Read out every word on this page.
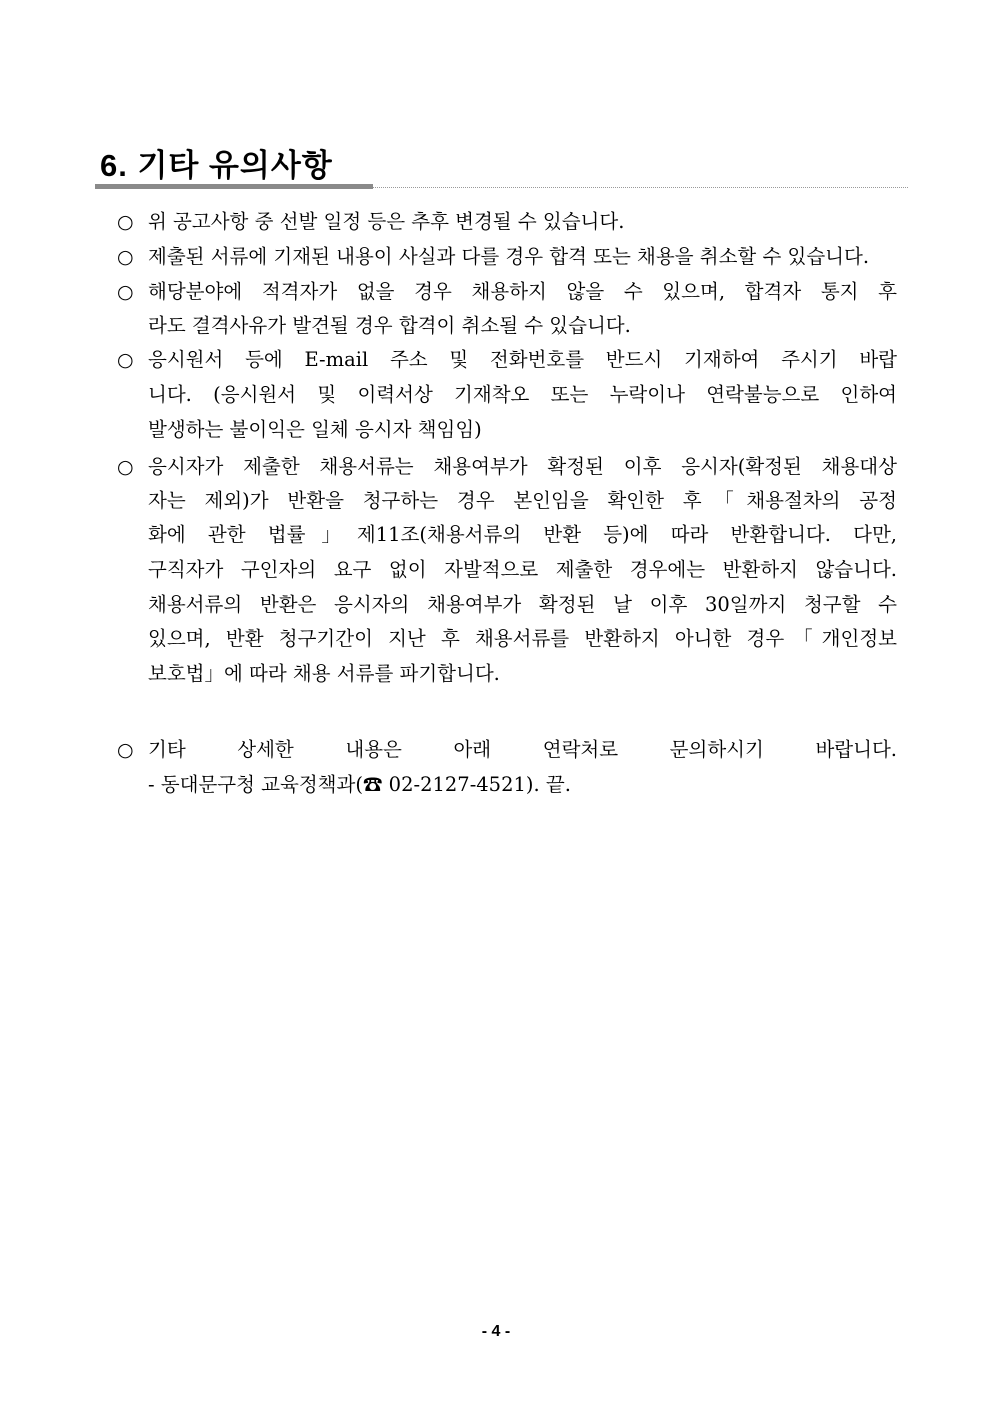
6. 기타 유의사항
○ 위 공고사항 중 선발 일정 등은 추후 변경될 수 있습니다.
○ 제출된 서류에 기재된 내용이 사실과 다를 경우 합격 또는 채용을 취소할 수 있습니다.
○ 해당분야에 적격자가 없을 경우 채용하지 않을 수 있으며, 합격자 통지 후
라도 결격사유가 발견될 경우 합격이 취소될 수 있습니다.
○ 응시원서 등에 E-mail 주소 및 전화번호를 반드시 기재하여 주시기 바랍
니다. (응시원서 및 이력서상 기재착오 또는 누락이나 연락불능으로 인하여
발생하는 불이익은 일체 응시자 책임임)
○ 응시자가 제출한 채용서류는 채용여부가 확정된 이후 응시자(확정된 채용대상
자는 제외)가 반환을 청구하는 경우 본인임을 확인한 후「채용절차의 공정
화에 관한 법률」제11조(채용서류의 반환 등)에 따라 반환합니다. 다만,
구직자가 구인자의 요구 없이 자발적으로 제출한 경우에는 반환하지 않습니다.
채용서류의 반환은 응시자의 채용여부가 확정된 날 이후 30일까지 청구할 수
있으며, 반환 청구기간이 지난 후 채용서류를 반환하지 아니한 경우「개인정보
보호법」에 따라 채용 서류를 파기합니다.
○ 기타 상세한 내용은 아래 연락처로 문의하시기 바랍니다.
- 동대문구청 교육정책과(☎ 02-2127-4521). 끝.
- 4 -
